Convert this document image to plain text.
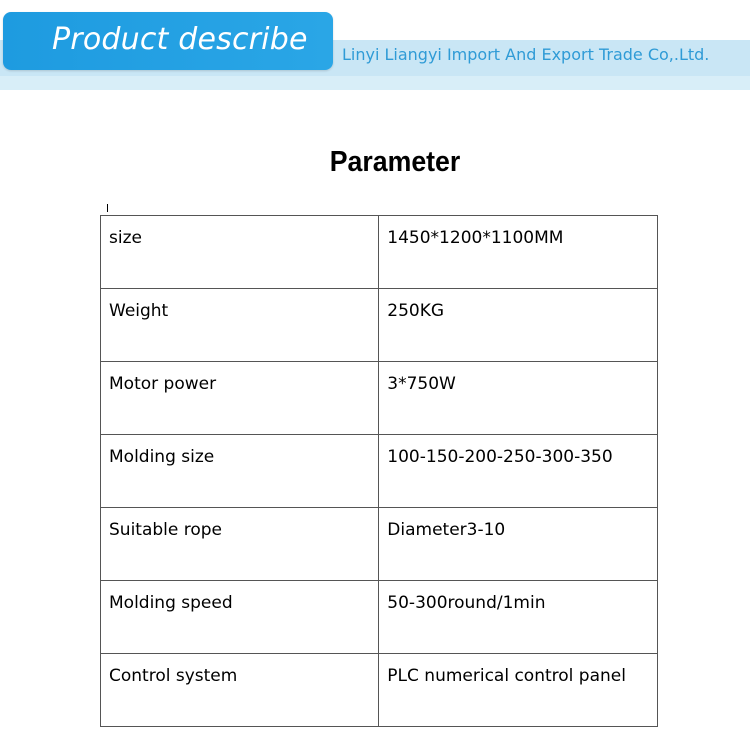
Product describe Linyi Liangyi Import And Export Trade Co,.Ltd.
Parameter
size	1450*1200*1100MM
Weight	250KG
Motor power	3*750W
Molding size	100-150-200-250-300-350
Suitable rope	Diameter3-10
Molding speed	50-300round/1min
Control system	PLC numerical control panel
